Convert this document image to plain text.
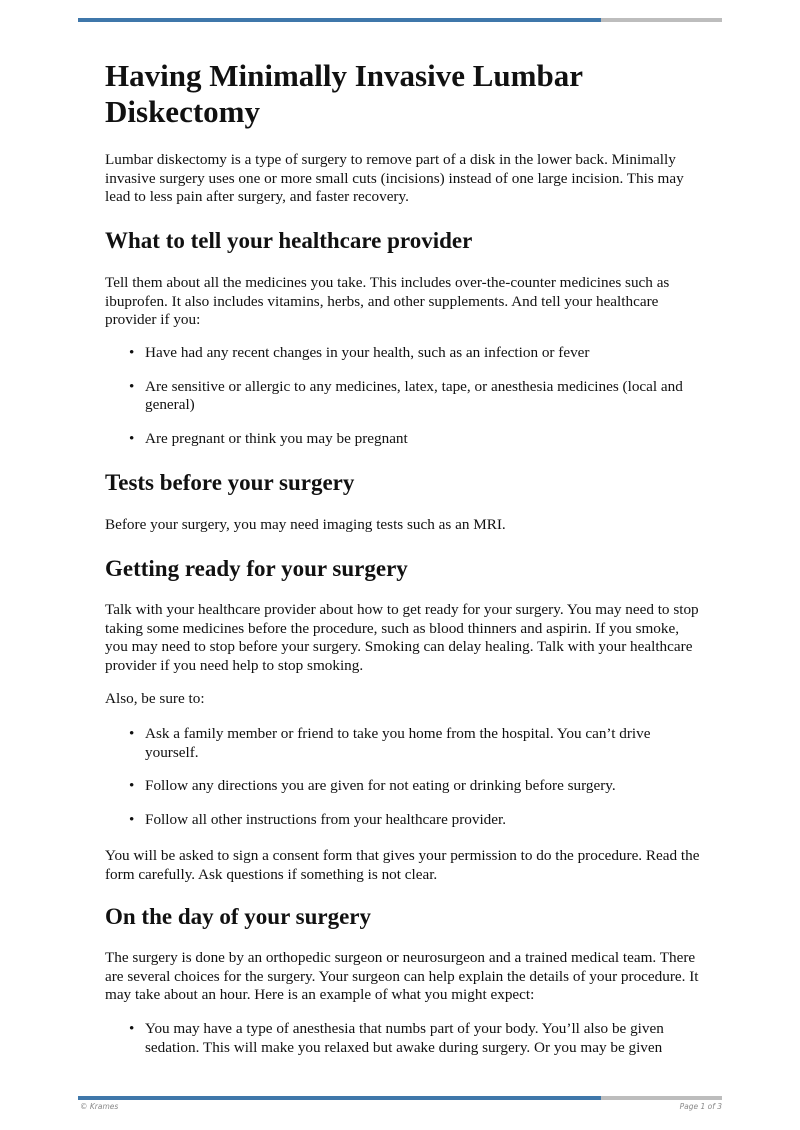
Having Minimally Invasive Lumbar Diskectomy

Lumbar diskectomy is a type of surgery to remove part of a disk in the lower back. Minimally invasive surgery uses one or more small cuts (incisions) instead of one large incision. This may lead to less pain after surgery, and faster recovery.

What to tell your healthcare provider

Tell them about all the medicines you take. This includes over-the-counter medicines such as ibuprofen. It also includes vitamins, herbs, and other supplements. And tell your healthcare provider if you:

• Have had any recent changes in your health, such as an infection or fever
• Are sensitive or allergic to any medicines, latex, tape, or anesthesia medicines (local and general)
• Are pregnant or think you may be pregnant
Tests before your surgery

Before your surgery, you may need imaging tests such as an MRI.

Getting ready for your surgery

Talk with your healthcare provider about how to get ready for your surgery. You may need to stop taking some medicines before the procedure, such as blood thinners and aspirin. If you smoke, you may need to stop before your surgery. Smoking can delay healing. Talk with your healthcare provider if you need help to stop smoking.

Also, be sure to:

• Ask a family member or friend to take you home from the hospital. You can’t drive yourself.
• Follow any directions you are given for not eating or drinking before surgery.
• Follow all other instructions from your healthcare provider.

You will be asked to sign a consent form that gives your permission to do the procedure. Read the form carefully. Ask questions if something is not clear.

On the day of your surgery

The surgery is done by an orthopedic surgeon or neurosurgeon and a trained medical team. There are several choices for the surgery. Your surgeon can help explain the details of your procedure. It may take about an hour. Here is an example of what you might expect:

• You may have a type of anesthesia that numbs part of your body. You’ll also be given sedation. This will make you relaxed but awake during surgery. Or you may be given
© Krames	Page 1 of 3
